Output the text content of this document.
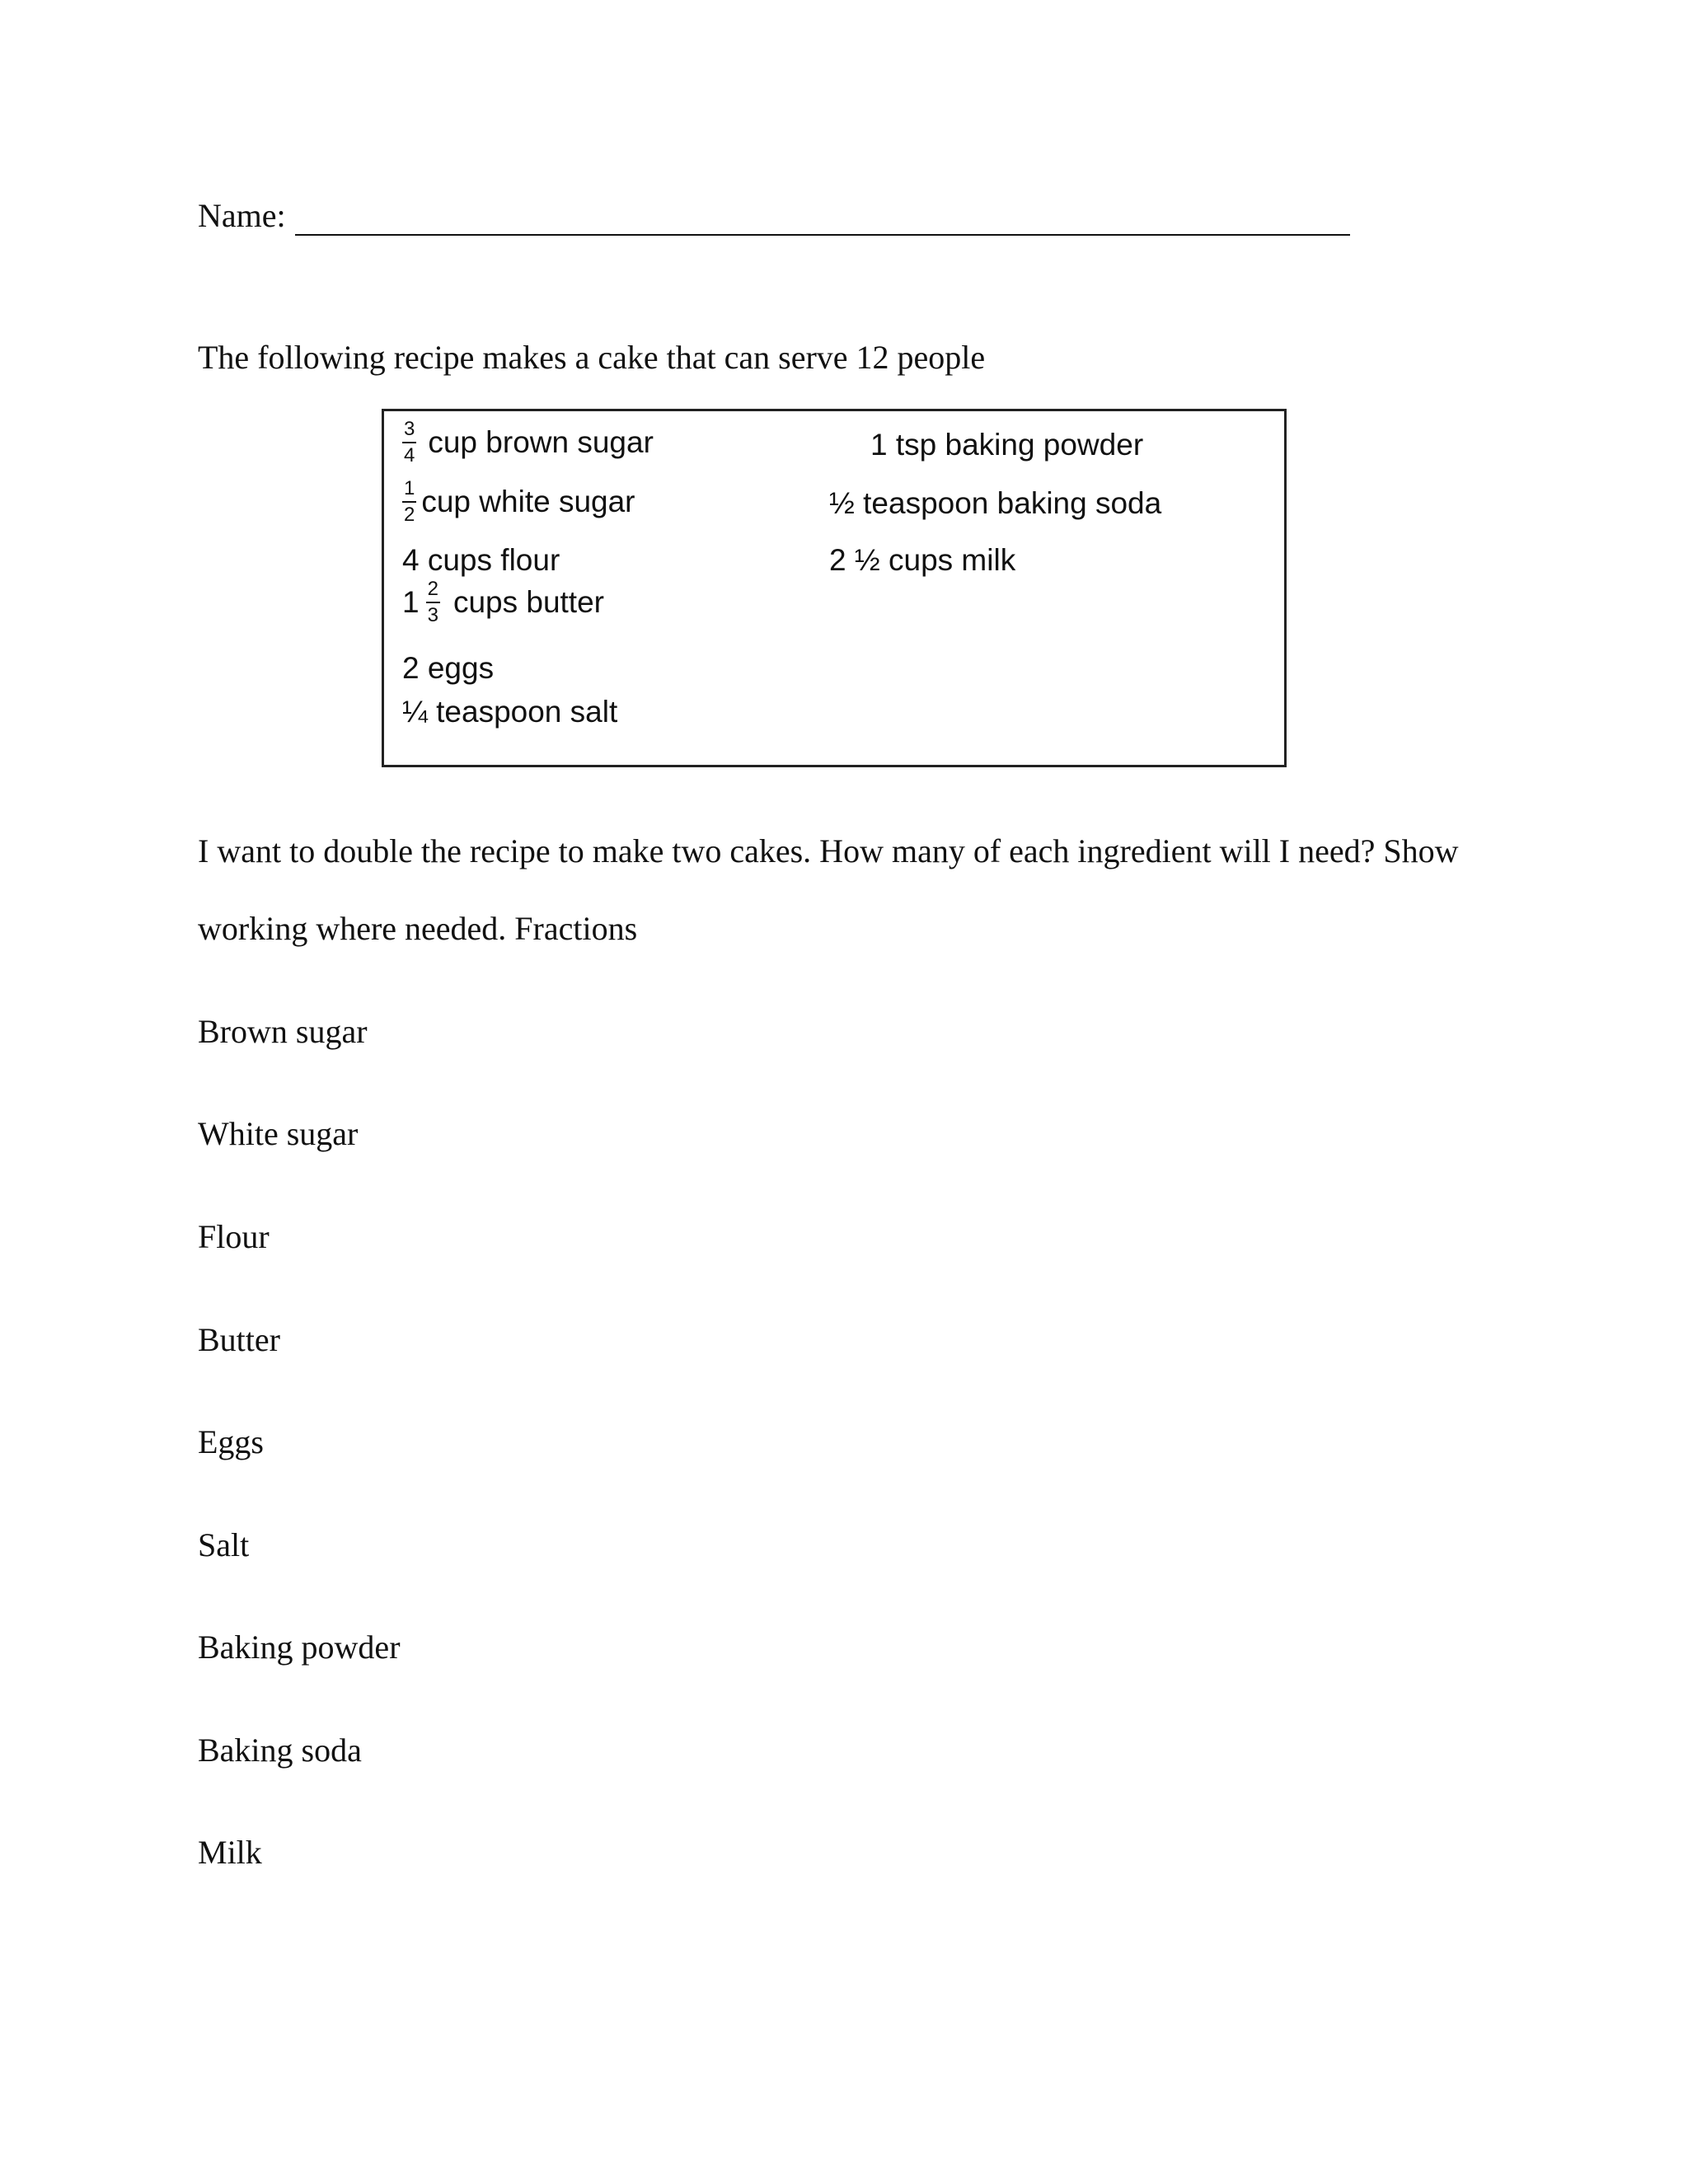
Name:
The following recipe makes a cake that can serve 12 people
$\frac{3}{4}$ cup brown sugar
$\frac{1}{2}$ cup white sugar
4 cups flour
$1 \frac{2}{3}$ cups butter
2 eggs
¼ teaspoon salt
1 tsp baking powder
½ teaspoon baking soda
2 ½ cups milk
I want to double the recipe to make two cakes. How many of each ingredient will I need? Show
working where needed. Fractions
Brown sugar
White sugar
Flour
Butter
Eggs
Salt
Baking powder
Baking soda
Milk
